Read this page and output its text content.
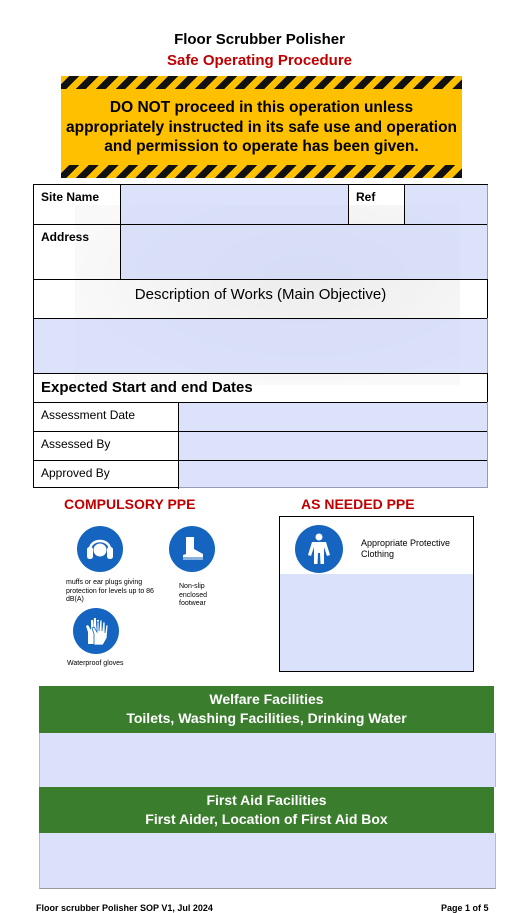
Floor Scrubber Polisher
Safe Operating Procedure
DO NOT proceed in this operation unless
appropriately instructed in its safe use and operation
and permission to operate has been given.
Site Name	Ref
Address
Description of Works (Main Objective)
Expected Start and end Dates
Assessment Date
Assessed By
Approved By
COMPULSORY PPE	AS NEEDED PPE
muffs or ear plugs giving protection for levels up to 86 dB(A)
Non-slip enclosed footwear
Waterproof gloves
Appropriate Protective Clothing
Welfare Facilities
Toilets, Washing Facilities, Drinking Water
First Aid Facilities
First Aider, Location of First Aid Box
Floor scrubber Polisher SOP V1, Jul 2024	Page 1 of 5
